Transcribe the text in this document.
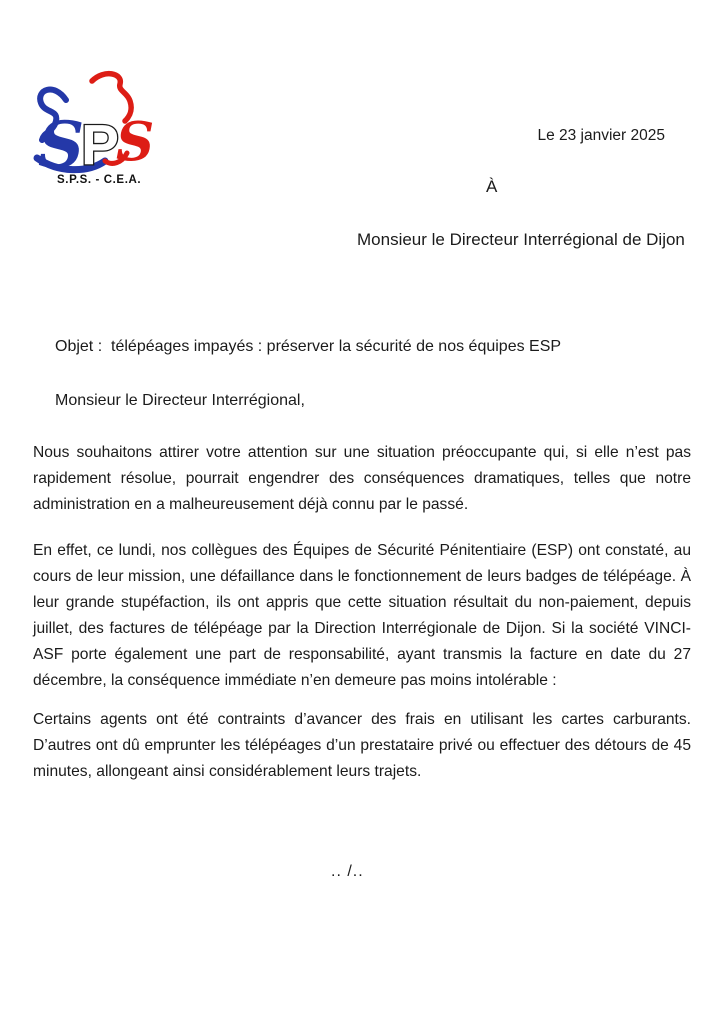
S S
P
S.P.S. - C.E.A.
Le 23 janvier 2025
À
Monsieur le Directeur Interrégional de Dijon
Objet :  télépéages impayés : préserver la sécurité de nos équipes ESP
Monsieur le Directeur Interrégional,

Nous souhaitons attirer votre attention sur une situation préoccupante qui, si elle n’est pas rapidement résolue, pourrait engendrer des conséquences dramatiques, telles que notre administration en a malheureusement déjà connu par le passé.

En effet, ce lundi, nos collègues des Équipes de Sécurité Pénitentiaire (ESP) ont constaté, au cours de leur mission, une défaillance dans le fonctionnement de leurs badges de télépéage. À leur grande stupéfaction, ils ont appris que cette situation résultait du non-paiement, depuis juillet, des factures de télépéage par la Direction Interrégionale de Dijon. Si la société VINCI-ASF porte également une part de responsabilité, ayant transmis la facture en date du 27 décembre, la conséquence immédiate n’en demeure pas moins intolérable :

Certains agents ont été contraints d’avancer des frais en utilisant les cartes carburants. D’autres ont dû emprunter les télépéages d’un prestataire privé ou effectuer des détours de 45 minutes, allongeant ainsi considérablement leurs trajets.

.. /..
